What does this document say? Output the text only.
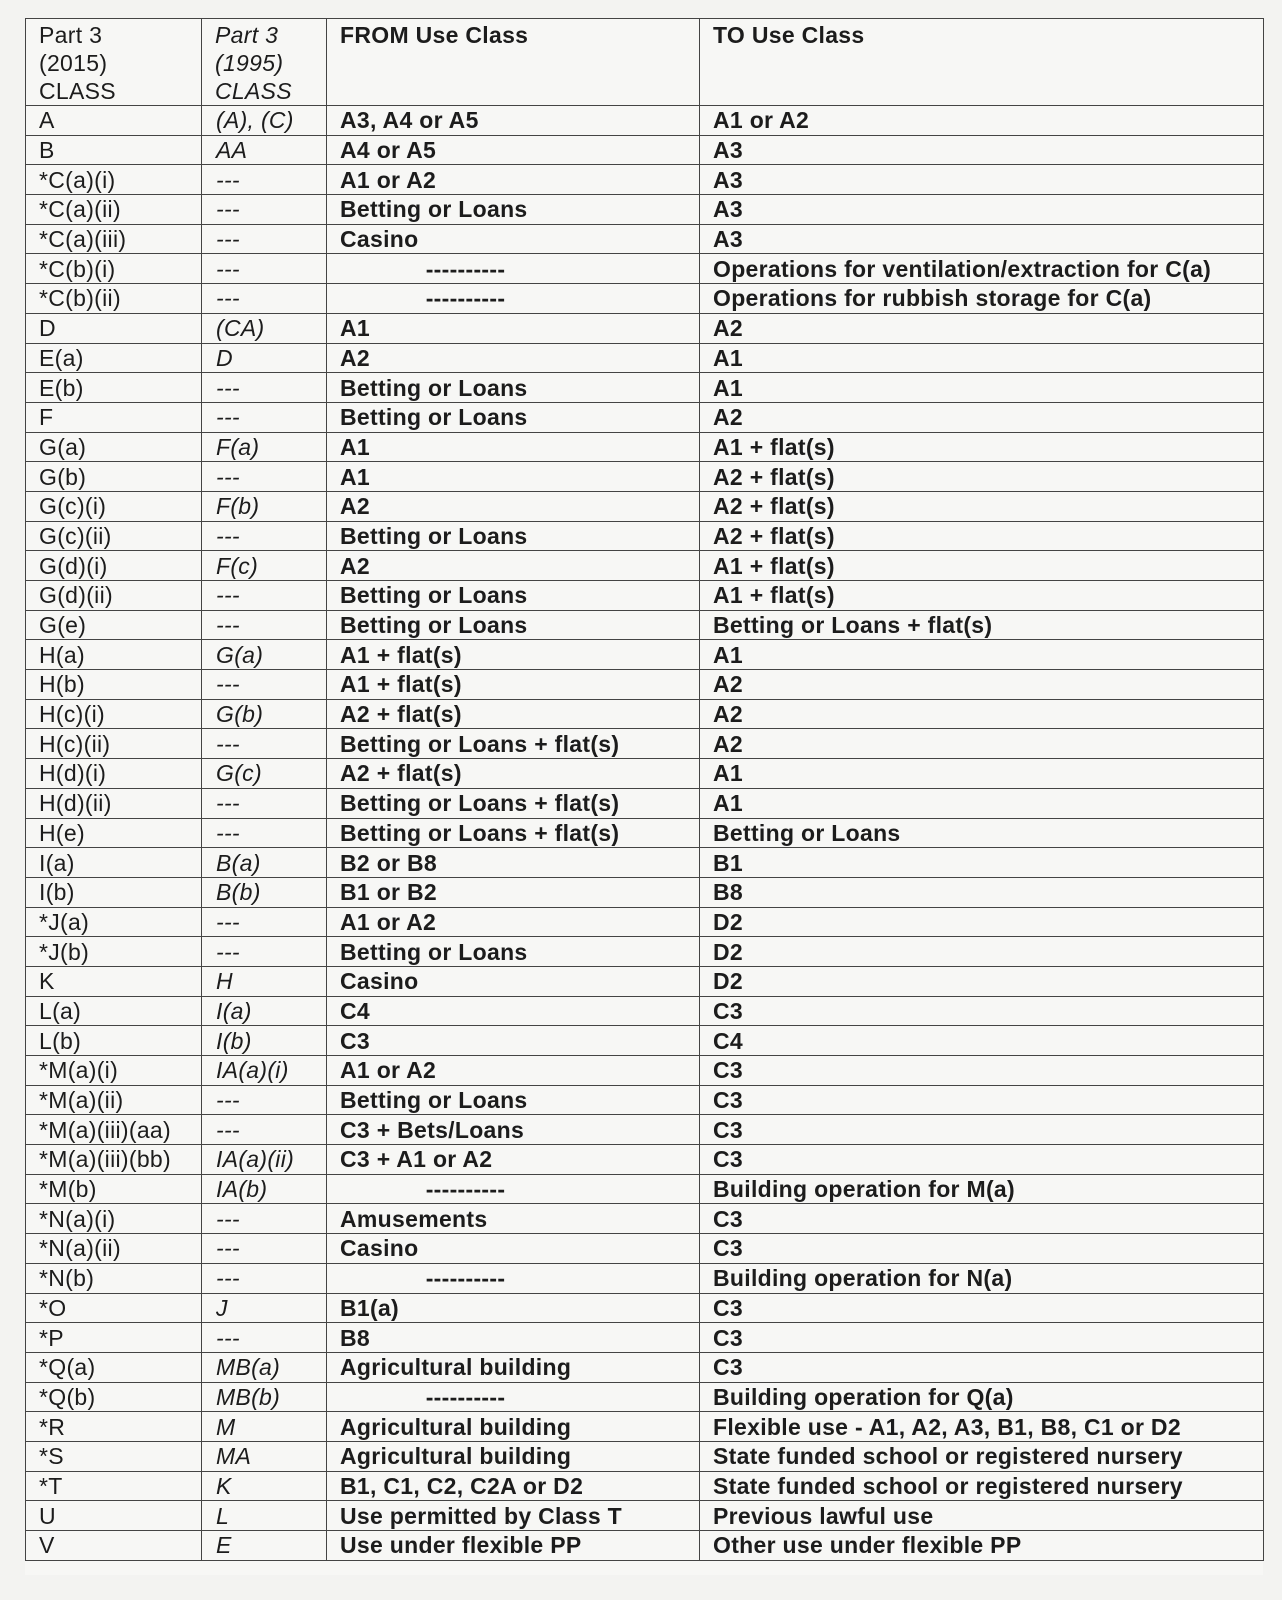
Part 3
(2015)
CLASS	Part 3
(1995)
CLASS	FROM Use Class	TO Use Class
A	(A), (C)	A3, A4 or A5	A1 or A2
B	AA	A4 or A5	A3
*C(a)(i)	---	A1 or A2	A3
*C(a)(ii)	---	Betting or Loans	A3
*C(a)(iii)	---	Casino	A3
*C(b)(i)	---	----------	Operations for ventilation/extraction for C(a)
*C(b)(ii)	---	----------	Operations for rubbish storage for C(a)
D	(CA)	A1	A2
E(a)	D	A2	A1
E(b)	---	Betting or Loans	A1
F	---	Betting or Loans	A2
G(a)	F(a)	A1	A1 + flat(s)
G(b)	---	A1	A2 + flat(s)
G(c)(i)	F(b)	A2	A2 + flat(s)
G(c)(ii)	---	Betting or Loans	A2 + flat(s)
G(d)(i)	F(c)	A2	A1 + flat(s)
G(d)(ii)	---	Betting or Loans	A1 + flat(s)
G(e)	---	Betting or Loans	Betting or Loans + flat(s)
H(a)	G(a)	A1 + flat(s)	A1
H(b)	---	A1 + flat(s)	A2
H(c)(i)	G(b)	A2 + flat(s)	A2
H(c)(ii)	---	Betting or Loans + flat(s)	A2
H(d)(i)	G(c)	A2 + flat(s)	A1
H(d)(ii)	---	Betting or Loans + flat(s)	A1
H(e)	---	Betting or Loans + flat(s)	Betting or Loans
I(a)	B(a)	B2 or B8	B1
I(b)	B(b)	B1 or B2	B8
*J(a)	---	A1 or A2	D2
*J(b)	---	Betting or Loans	D2
K	H	Casino	D2
L(a)	I(a)	C4	C3
L(b)	I(b)	C3	C4
*M(a)(i)	IA(a)(i)	A1 or A2	C3
*M(a)(ii)	---	Betting or Loans	C3
*M(a)(iii)(aa)	---	C3 + Bets/Loans	C3
*M(a)(iii)(bb)	IA(a)(ii)	C3 + A1 or A2	C3
*M(b)	IA(b)	----------	Building operation for M(a)
*N(a)(i)	---	Amusements	C3
*N(a)(ii)	---	Casino	C3
*N(b)	---	----------	Building operation for N(a)
*O	J	B1(a)	C3
*P	---	B8	C3
*Q(a)	MB(a)	Agricultural building	C3
*Q(b)	MB(b)	----------	Building operation for Q(a)
*R	M	Agricultural building	Flexible use - A1, A2, A3, B1, B8, C1 or D2
*S	MA	Agricultural building	State funded school or registered nursery
*T	K	B1, C1, C2, C2A or D2	State funded school or registered nursery
U	L	Use permitted by Class T	Previous lawful use
V	E	Use under flexible PP	Other use under flexible PP
